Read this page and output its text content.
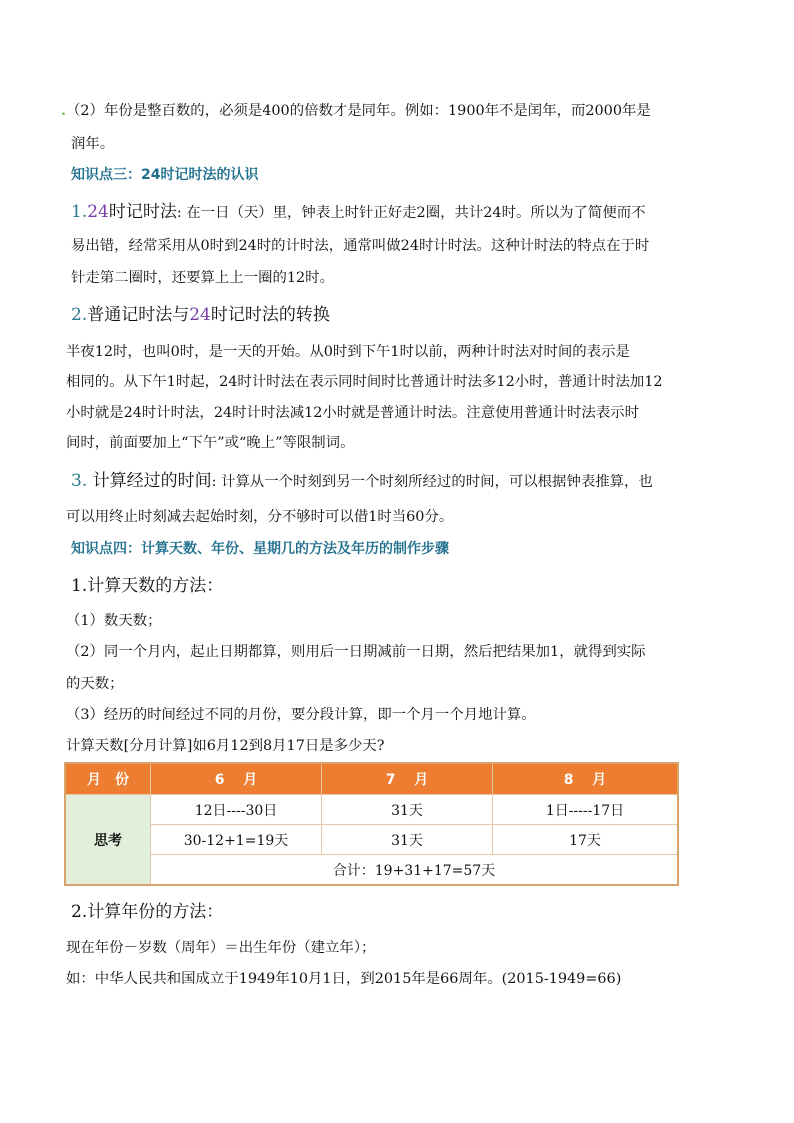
.（2）年份是整百数的，必须是400的倍数才是同年。例如：1900年不是闰年，而2000年是
润年。
知识点三：24时记时法的认识
1.24时记时法: 在一日（天）里，钟表上时针正好走2圈，共计24时。所以为了简便而不
易出错，经常采用从0时到24时的计时法，通常叫做24时计时法。这种计时法的特点在于时
针走第二圈时，还要算上上一圈的12时。
2.普通记时法与24时记时法的转换
半夜12时，也叫0时，是一天的开始。从0时到下午1时以前，两种计时法对时间的表示是
相同的。从下午1时起，24时计时法在表示同时间时比普通计时法多12小时，普通计时法加12
小时就是24时计时法，24时计时法减12小时就是普通计时法。注意使用普通计时法表示时
间时，前面要加上“下午”或“晚上”等限制词。
3. 计算经过的时间: 计算从一个时刻到另一个时刻所经过的时间，可以根据钟表推算，也
可以用终止时刻减去起始时刻，分不够时可以借1时当60分。
知识点四：计算天数、年份、星期几的方法及年历的制作步骤
1.计算天数的方法：
（1）数天数；
（2）同一个月内，起止日期都算，则用后一日期减前一日期，然后把结果加1，就得到实际
的天数；
（3）经历的时间经过不同的月份，要分段计算，即一个月一个月地计算。
计算天数[分月计算]如6月12到8月17日是多少天?
月　份	6　 月	7　 月	8　 月
思考	12日----30日	31天	1日-----17日
	30-12+1=19天	31天	17天
	合计：19+31+17=57天		
2.计算年份的方法：
现在年份－岁数（周年）＝出生年份（建立年）；
如：中华人民共和国成立于1949年10月1日，到2015年是66周年。(2015-1949=66)
